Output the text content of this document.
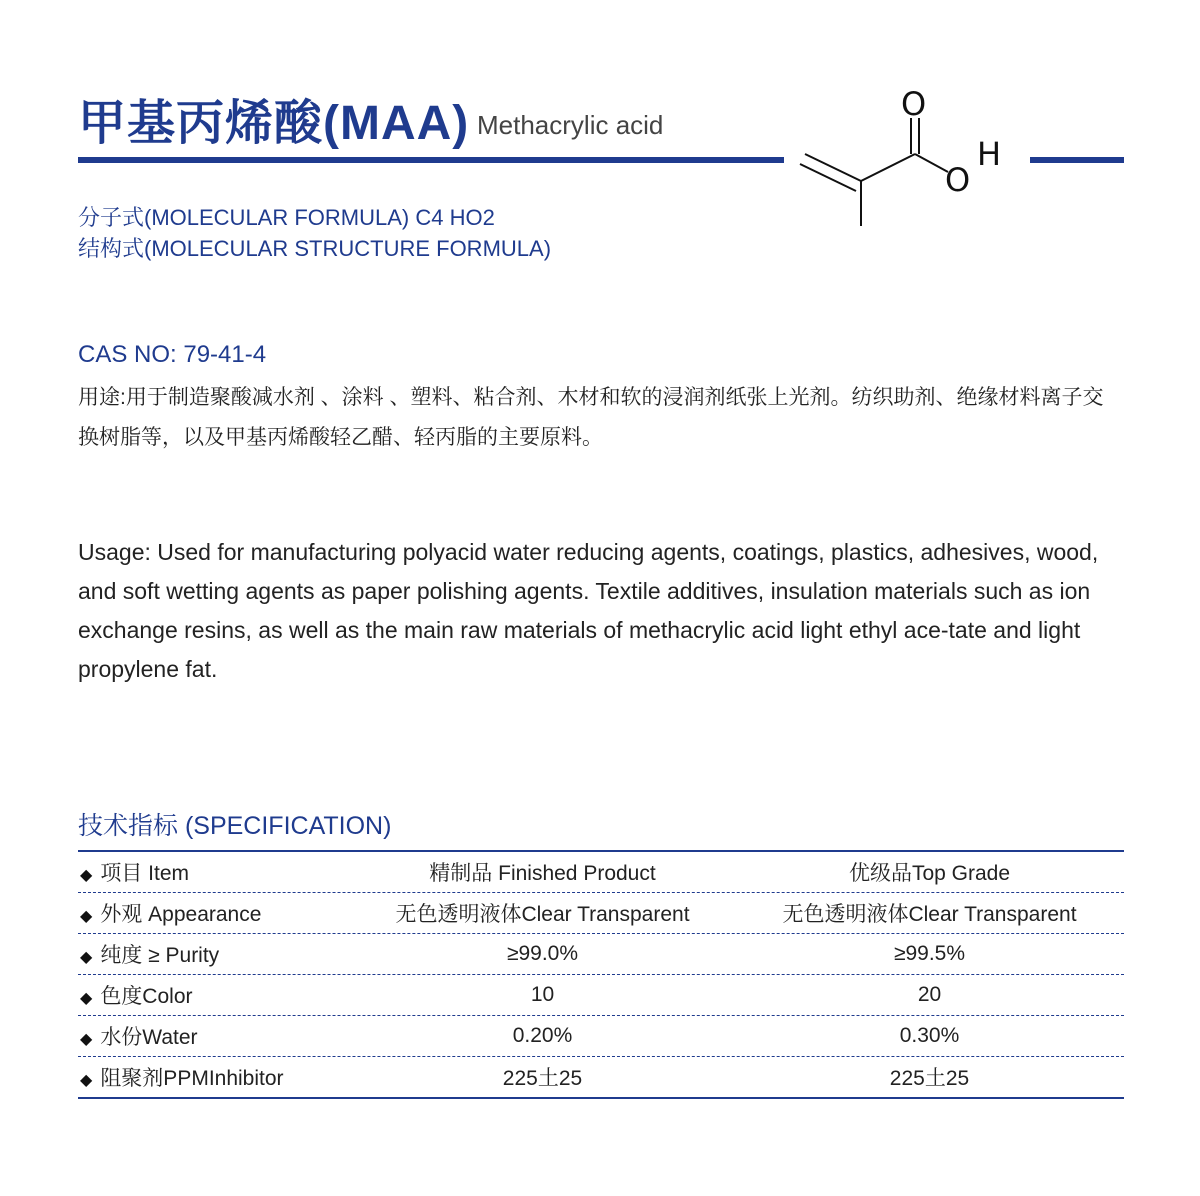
甲基丙烯酸(MAA) Methacrylic acid
O
O
H
分子式(MOLECULAR FORMULA) C4 HO2
结构式(MOLECULAR STRUCTURE FORMULA)
CAS NO: 79-41-4
用途:用于制造聚酸减水剂 、涂料 、塑料、粘合剂、木材和软的浸润剂纸张上光剂。纺织助剂、绝缘材料离子交换树脂等，以及甲基丙烯酸轻乙醋、轻丙脂的主要原料。
Usage: Used for manufacturing polyacid water reducing agents, coatings, plastics, adhesives, wood, and soft wetting agents as paper polishing agents. Textile additives, insulation materials such as ion exchange resins, as well as the main raw materials of methacrylic acid light ethyl ace-tate and light propylene fat.
技术指标 (SPECIFICATION)
◆ 项目 Item	精制品 Finished Product	优级品Top Grade
◆ 外观 Appearance	无色透明液体Clear Transparent	无色透明液体Clear Transparent
◆ 纯度 ≥ Purity	≥99.0%	≥99.5%
◆ 色度Color	10	20
◆ 水份Water	0.20%	0.30%
◆ 阻聚剂PPMInhibitor	225土25	225土25
